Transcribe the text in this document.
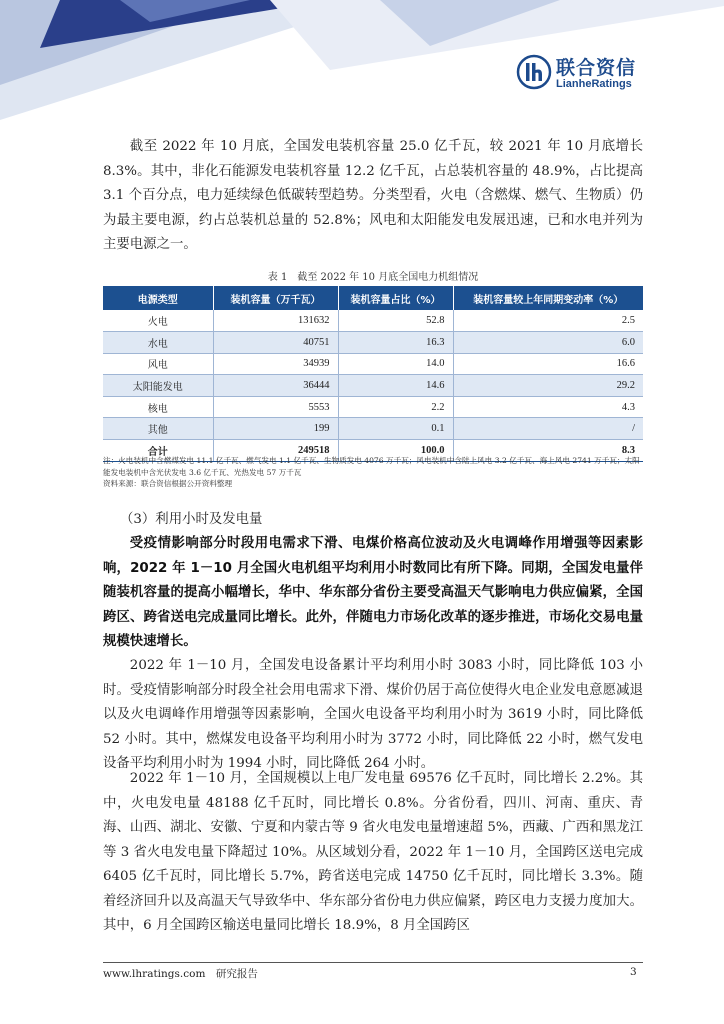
联合资信
LianheRatings

截至 2022 年 10 月底，全国发电装机容量 25.0 亿千瓦，较 2021 年 10 月底增长 8.3%。其中，非化石能源发电装机容量 12.2 亿千瓦，占总装机容量的 48.9%，占比提高 3.1 个百分点，电力延续绿色低碳转型趋势。分类型看，火电（含燃煤、燃气、生物质）仍为最主要电源，约占总装机总量的 52.8%；风电和太阳能发电发展迅速，已和水电并列为主要电源之一。

表 1　截至 2022 年 10 月底全国电力机组情况
电源类型	装机容量（万千瓦）	装机容量占比（%）	装机容量较上年同期变动率（%）
火电	131632	52.8	2.5
水电	40751	16.3	6.0
风电	34939	14.0	16.6
太阳能发电	36444	14.6	29.2
核电	5553	2.2	4.3
其他	199	0.1	/
合计	249518	100.0	8.3

注：火电装机中含燃煤发电 11.1 亿千瓦、燃气发电 1.1 亿千瓦、生物质发电 4076 万千瓦；风电装机中含陆上风电 3.2 亿千瓦、海上风电 2741 万千瓦；太阳能发电装机中含光伏发电 3.6 亿千瓦、光热发电 57 万千瓦

资料来源：联合资信根据公开资料整理

（3）利用小时及发电量

受疫情影响部分时段用电需求下滑、电煤价格高位波动及火电调峰作用增强等因素影响，2022 年 1－10 月全国火电机组平均利用小时数同比有所下降。同期，全国发电量伴随装机容量的提高小幅增长，华中、华东部分省份主要受高温天气影响电力供应偏紧，全国跨区、跨省送电完成量同比增长。此外，伴随电力市场化改革的逐步推进，市场化交易电量规模快速增长。

2022 年 1－10 月，全国发电设备累计平均利用小时 3083 小时，同比降低 103 小时。受疫情影响部分时段全社会用电需求下滑、煤价仍居于高位使得火电企业发电意愿减退以及火电调峰作用增强等因素影响，全国火电设备平均利用小时为 3619 小时，同比降低 52 小时。其中，燃煤发电设备平均利用小时为 3772 小时，同比降低 22 小时，燃气发电设备平均利用小时为 1994 小时，同比降低 264 小时。

2022 年 1－10 月，全国规模以上电厂发电量 69576 亿千瓦时，同比增长 2.2%。其中，火电发电量 48188 亿千瓦时，同比增长 0.8%。分省份看，四川、河南、重庆、青海、山西、湖北、安徽、宁夏和内蒙古等 9 省火电发电量增速超 5%，西藏、广西和黑龙江等 3 省火电发电量下降超过 10%。从区域划分看，2022 年 1－10 月，全国跨区送电完成 6405 亿千瓦时，同比增长 5.7%，跨省送电完成 14750 亿千瓦时，同比增长 3.3%。随着经济回升以及高温天气导致华中、华东部分省份电力供应偏紧，跨区电力支援力度加大。其中，6 月全国跨区输送电量同比增长 18.9%，8 月全国跨区

www.lhratings.com　研究报告	3
